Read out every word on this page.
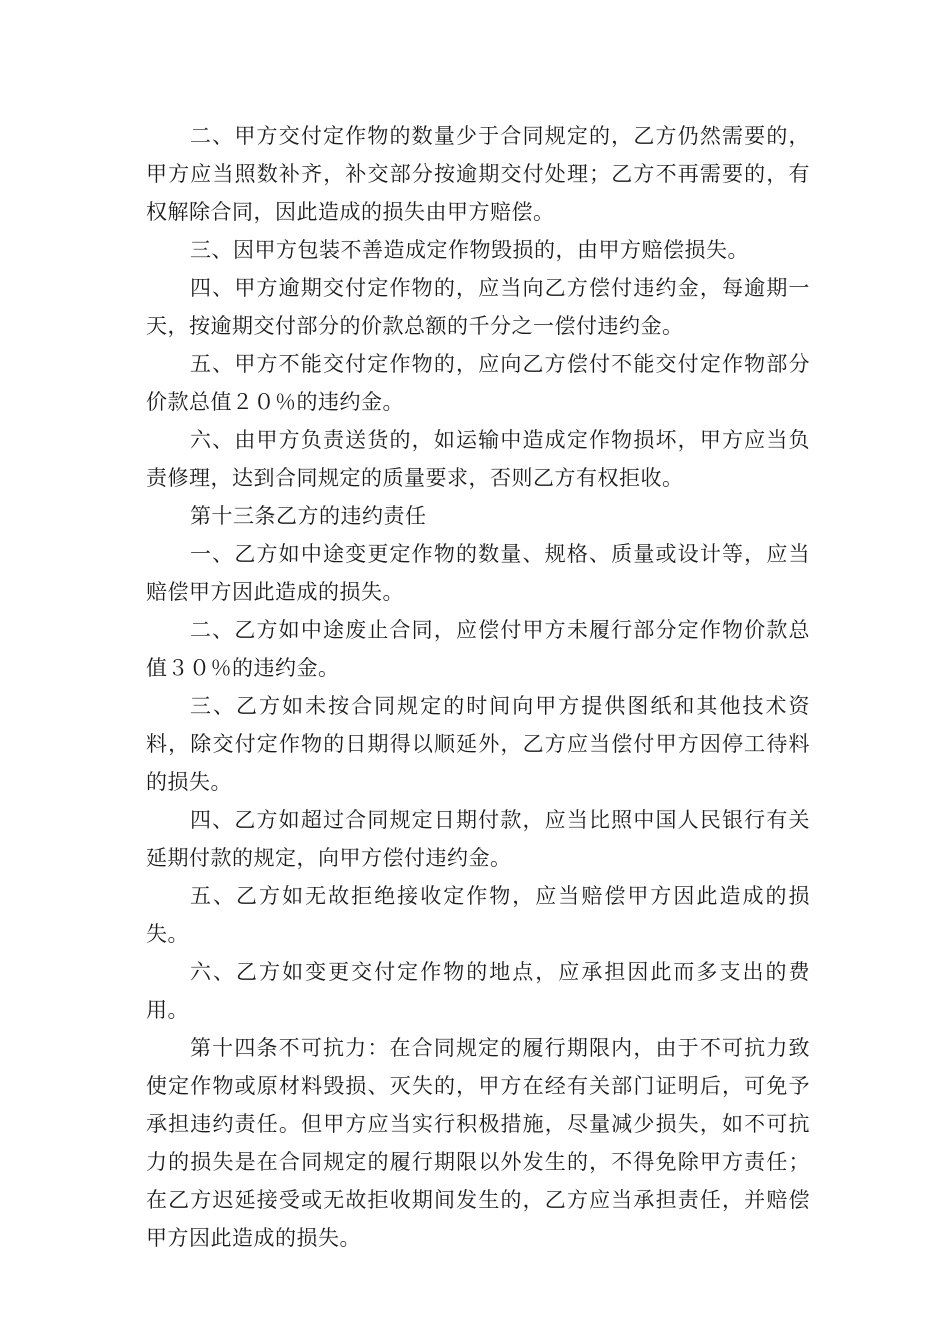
二、甲方交付定作物的数量少于合同规定的，乙方仍然需要的，甲方应当照数补齐，补交部分按逾期交付处理；乙方不再需要的，有权解除合同，因此造成的损失由甲方赔偿。

三、因甲方包装不善造成定作物毁损的，由甲方赔偿损失。

四、甲方逾期交付定作物的，应当向乙方偿付违约金，每逾期一天，按逾期交付部分的价款总额的千分之一偿付违约金。

五、甲方不能交付定作物的，应向乙方偿付不能交付定作物部分价款总值２０％的违约金。

六、由甲方负责送货的，如运输中造成定作物损坏，甲方应当负责修理，达到合同规定的质量要求，否则乙方有权拒收。

第十三条乙方的违约责任

一、乙方如中途变更定作物的数量、规格、质量或设计等，应当赔偿甲方因此造成的损失。

二、乙方如中途废止合同，应偿付甲方未履行部分定作物价款总值３０％的违约金。

三、乙方如未按合同规定的时间向甲方提供图纸和其他技术资料，除交付定作物的日期得以顺延外，乙方应当偿付甲方因停工待料的损失。

四、乙方如超过合同规定日期付款，应当比照中国人民银行有关延期付款的规定，向甲方偿付违约金。

五、乙方如无故拒绝接收定作物，应当赔偿甲方因此造成的损失。

六、乙方如变更交付定作物的地点，应承担因此而多支出的费用。

第十四条不可抗力：在合同规定的履行期限内，由于不可抗力致使定作物或原材料毁损、灭失的，甲方在经有关部门证明后，可免予承担违约责任。但甲方应当实行积极措施，尽量减少损失，如不可抗力的损失是在合同规定的履行期限以外发生的，不得免除甲方责任；在乙方迟延接受或无故拒收期间发生的，乙方应当承担责任，并赔偿甲方因此造成的损失。
